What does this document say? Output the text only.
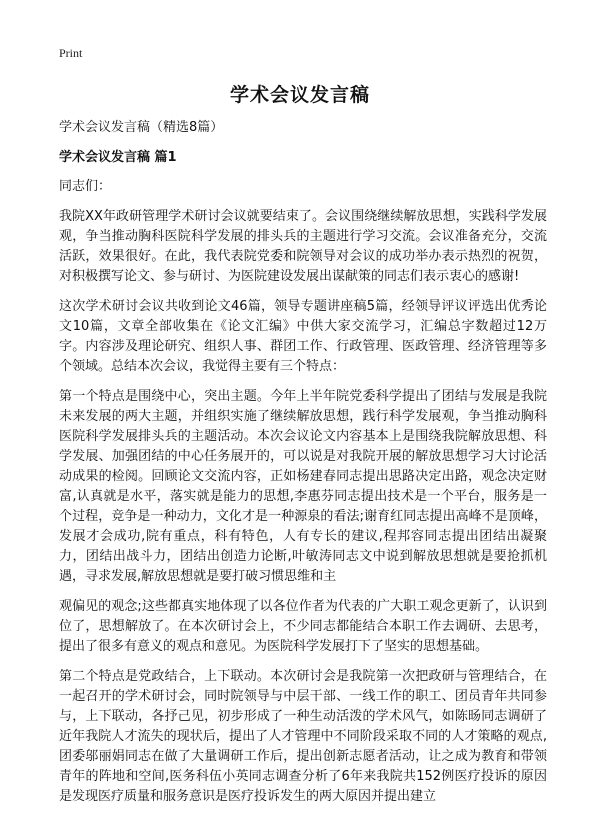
Print
学术会议发言稿

学术会议发言稿（精选8篇）

学术会议发言稿 篇1

同志们：

我院XX年政研管理学术研讨会议就要结束了。会议围绕继续解放思想，实践科学发展观，争当推动胸科医院科学发展的排头兵的主题进行学习交流。会议准备充分，交流活跃，效果很好。在此，我代表院党委和院领导对会议的成功举办表示热烈的祝贺，对积极撰写论文、参与研讨、为医院建设发展出谋献策的同志们表示衷心的感谢!

这次学术研讨会议共收到论文46篇，领导专题讲座稿5篇，经领导评议评选出优秀论文10篇，文章全部收集在《论文汇编》中供大家交流学习，汇编总字数超过12万字。内容涉及理论研究、组织人事、群团工作、行政管理、医政管理、经济管理等多个领域。总结本次会议，我觉得主要有三个特点：

第一个特点是围绕中心，突出主题。今年上半年院党委科学提出了团结与发展是我院未来发展的两大主题，并组织实施了继续解放思想，践行科学发展观，争当推动胸科医院科学发展排头兵的主题活动。本次会议论文内容基本上是围绕我院解放思想、科学发展、加强团结的中心任务展开的，可以说是对我院开展的解放思想学习大讨论活动成果的检阅。回顾论文交流内容，正如杨建春同志提出思路决定出路，观念决定财富,认真就是水平，落实就是能力的思想,李惠芬同志提出技术是一个平台，服务是一个过程，竞争是一种动力，文化才是一种源泉的看法;谢育红同志提出高峰不是顶峰，发展才会成功,院有重点，科有特色，人有专长的建议,程邦容同志提出团结出凝聚力，团结出战斗力，团结出创造力论断,叶敏涛同志文中说到解放思想就是要抢抓机遇，寻求发展,解放思想就是要打破习惯思维和主

观偏见的观念;这些都真实地体现了以各位作者为代表的广大职工观念更新了，认识到位了，思想解放了。在本次研讨会上，不少同志都能结合本职工作去调研、去思考，提出了很多有意义的观点和意见。为医院科学发展打下了坚实的思想基础。

第二个特点是党政结合，上下联动。本次研讨会是我院第一次把政研与管理结合，在一起召开的学术研讨会，同时院领导与中层干部、一线工作的职工、团员青年共同参与，上下联动，各抒己见，初步形成了一种生动活泼的学术风气，如陈旸同志调研了近年我院人才流失的现状后，提出了人才管理中不同阶段采取不同的人才策略的观点,团委邬丽娟同志在做了大量调研工作后，提出创新志愿者活动，让之成为教育和带领青年的阵地和空间,医务科伍小英同志调查分析了6年来我院共152例医疗投诉的原因是发现医疗质量和服务意识是医疗投诉发生的两大原因并提出建立
